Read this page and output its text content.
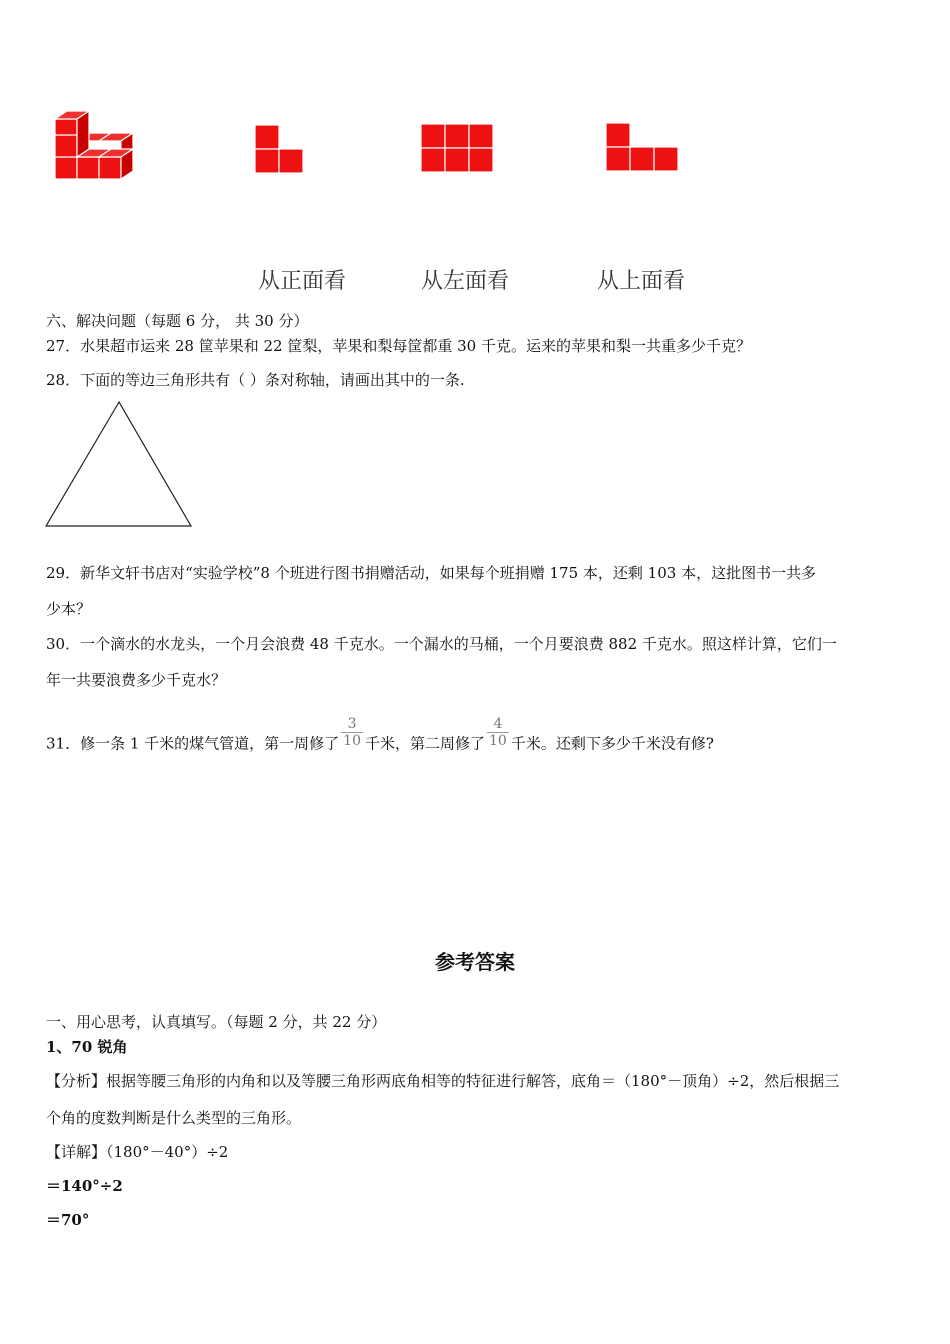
从正面看	从左面看	从上面看
六、解决问题（每题 6 分， 共 30 分）
27．水果超市运来 28 筐苹果和 22 筐梨，苹果和梨每筐都重 30 千克。运来的苹果和梨一共重多少千克？
28．下面的等边三角形共有（ ）条对称轴，请画出其中的一条.
29．新华文轩书店对“实验学校”8 个班进行图书捐赠活动，如果每个班捐赠 175 本，还剩 103 本，这批图书一共多
少本？
30．一个滴水的水龙头，一个月会浪费 48 千克水。一个漏水的马桶，一个月要浪费 882 千克水。照这样计算，它们一
年一共要浪费多少千克水？
31．修一条 1 千米的煤气管道，第一周修了 $\frac{3}{10}$ 千米，第二周修了 $\frac{4}{10}$ 千米。还剩下多少千米没有修?
参考答案
一、用心思考，认真填写。（每题 2 分，共 22 分）
1、70 锐角
【分析】根据等腰三角形的内角和以及等腰三角形两底角相等的特征进行解答，底角＝（180°－顶角）÷2，然后根据三
个角的度数判断是什么类型的三角形。
【详解】（180°－40°）÷2
＝140°÷2
＝70°
